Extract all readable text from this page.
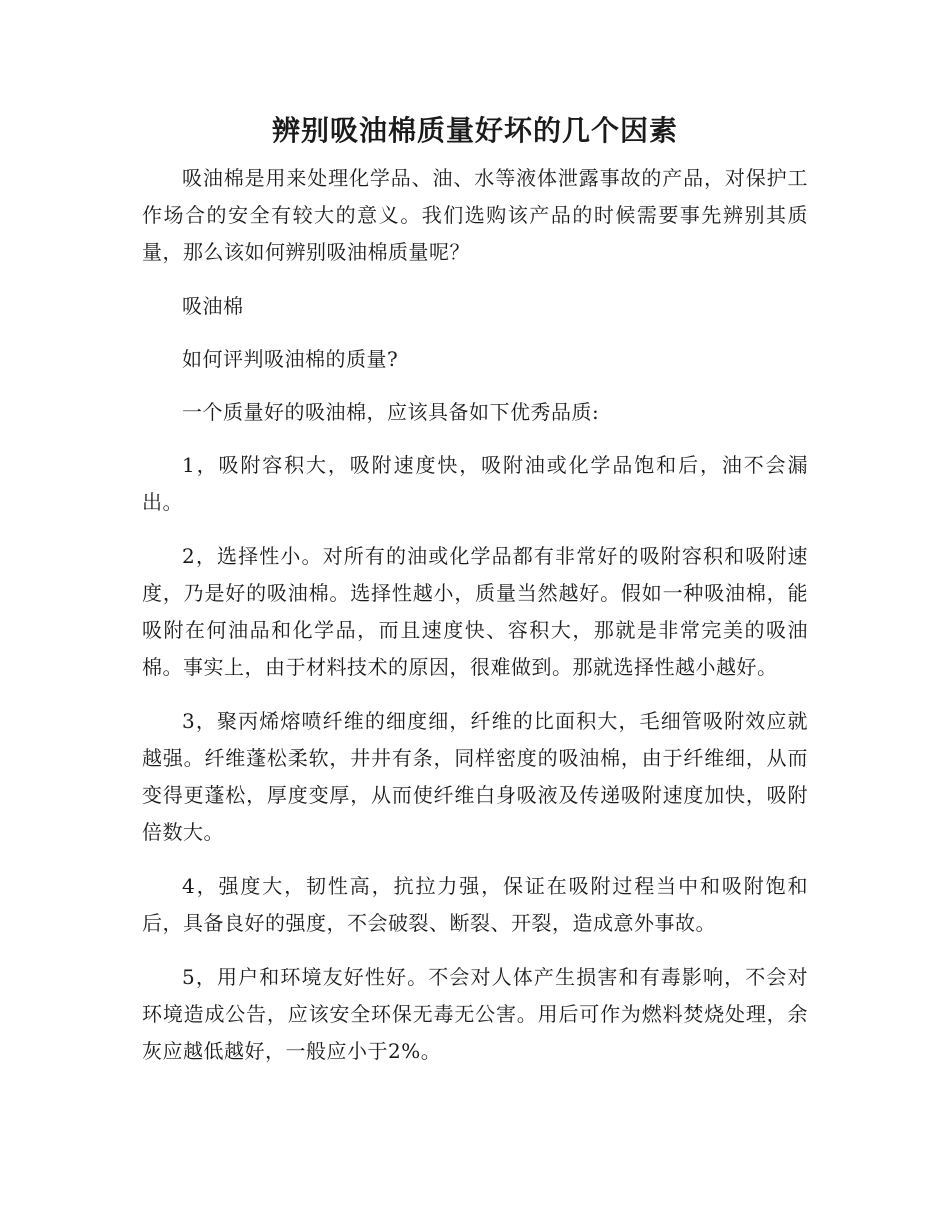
辨别吸油棉质量好坏的几个因素

吸油棉是用来处理化学品、油、水等液体泄露事故的产品，对保护工作场合的安全有较大的意义。我们选购该产品的时候需要事先辨别其质量，那么该如何辨别吸油棉质量呢？

吸油棉

如何评判吸油棉的质量?

一个质量好的吸油棉，应该具备如下优秀品质:

1，吸附容积大，吸附速度快，吸附油或化学品饱和后，油不会漏出。

2，选择性小。对所有的油或化学品都有非常好的吸附容积和吸附速度，乃是好的吸油棉。选择性越小，质量当然越好。假如一种吸油棉，能吸附在何油品和化学品，而且速度快、容积大，那就是非常完美的吸油棉。事实上，由于材料技术的原因，很难做到。那就选择性越小越好。

3，聚丙烯熔喷纤维的细度细，纤维的比面积大，毛细管吸附效应就越强。纤维蓬松柔软，井井有条，同样密度的吸油棉，由于纤维细，从而变得更蓬松，厚度变厚，从而使纤维白身吸液及传递吸附速度加快，吸附倍数大。

4，强度大，韧性高，抗拉力强，保证在吸附过程当中和吸附饱和后，具备良好的强度，不会破裂、断裂、开裂，造成意外事故。

5，用户和环境友好性好。不会对人体产生损害和有毒影响，不会对环境造成公告，应该安全环保无毒无公害。用后可作为燃料焚烧处理，余灰应越低越好，一般应小于2%。
